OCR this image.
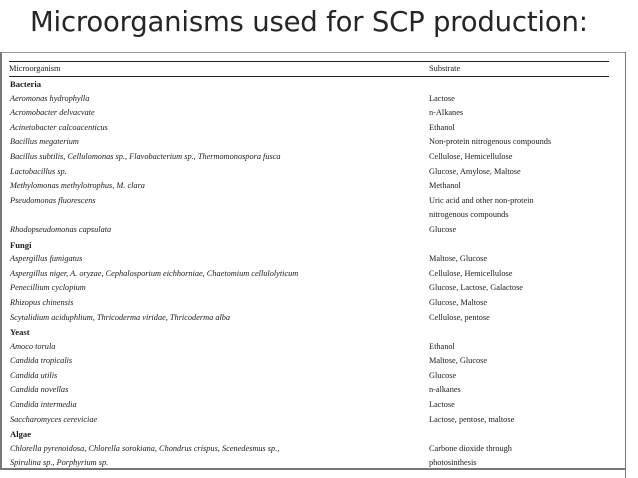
Microorganisms used for SCP production:
Microorganism	Substrate
Bacteria
Aeromonas hydrophylla	Lactose
Acromobacter delvacvate	n-Alkanes
Acinetobacter calcoacenticus	Ethanol
Bacillus megaterium	Non-protein nitrogenous compounds
Bacillus subtilis, Cellulomonas sp., Flavobacterium sp., Thermomonospora fusca	Cellulose, Hemicellulose
Lactobacillus sp.	Glucose, Amylose, Maltose
Methylomonas methylotrophus, M. clara	Methanol
Pseudomonas fluorescens	Uric acid and other non-protein
nitrogenous compounds
Rhodopseudomonas capsulata	Glucose
Fungi
Aspergillus fumigatus	Maltose, Glucose
Aspergillus niger, A. oryzae, Cephalosporium eichhorniae, Chaetomium cellulolyticum	Cellulose, Hemicellulose
Penecillium cyclopium	Glucose, Lactose, Galactose
Rhizopus chinensis	Glucose, Maltose
Scytalidium aciduphlium, Thricoderma viridae, Thricoderma alba	Cellulose, pentose
Yeast
Amoco torula	Ethanol
Candida tropicalis	Maltose, Glucose
Candida utilis	Glucose
Candida novellas	n-alkanes
Candida intermedia	Lactose
Saccharomyces cereviciae	Lactose, pentose, maltose
Algae
Chlorella pyrenoidosa, Chlorella sorokiana, Chondrus crispus, Scenedesmus sp.,	Carbone dioxide through
Spirulina sp., Porphyrium sp.	photosinthesis
